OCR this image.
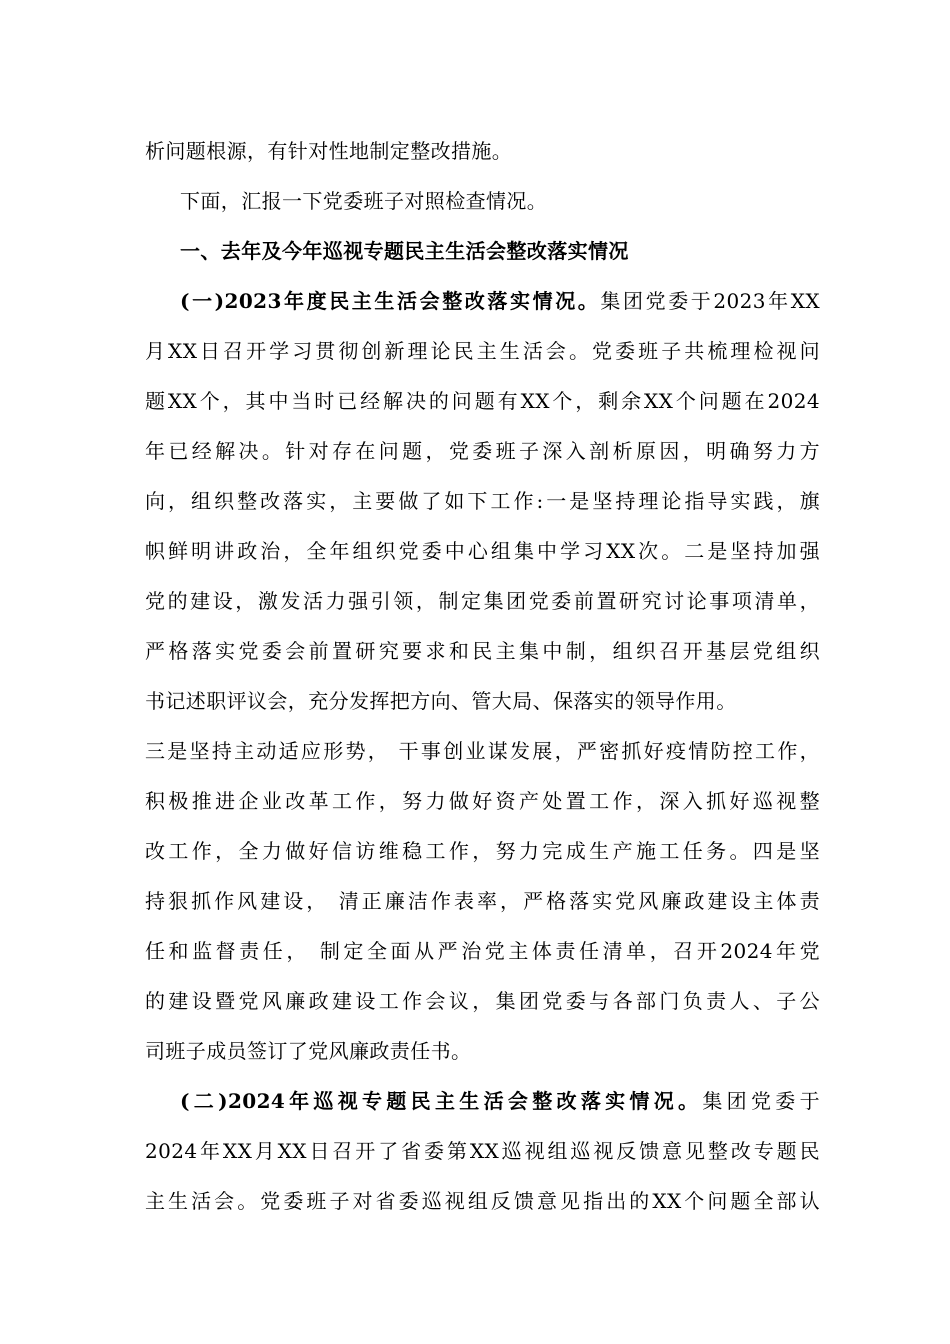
析问题根源，有针对性地制定整改措施。
下面，汇报一下党委班子对照检查情况。
一、去年及今年巡视专题民主生活会整改落实情况
(一)2023年度民主生活会整改落实情况。集团党委于2023年XX
月XX日召开学习贯彻创新理论民主生活会。党委班子共梳理检视问
题XX个，其中当时已经解决的问题有XX个，剩余XX个问题在2024
年已经解决。针对存在问题，党委班子深入剖析原因，明确努力方
向，组织整改落实，主要做了如下工作:一是坚持理论指导实践，旗
帜鲜明讲政治，全年组织党委中心组集中学习XX次。二是坚持加强
党的建设，激发活力强引领，制定集团党委前置研究讨论事项清单，
严格落实党委会前置研究要求和民主集中制，组织召开基层党组织
书记述职评议会，充分发挥把方向、管大局、保落实的领导作用。
三是坚持主动适应形势， 干事创业谋发展，严密抓好疫情防控工作，
积极推进企业改革工作，努力做好资产处置工作，深入抓好巡视整
改工作，全力做好信访维稳工作，努力完成生产施工任务。四是坚
持狠抓作风建设， 清正廉洁作表率，严格落实党风廉政建设主体责
任和监督责任， 制定全面从严治党主体责任清单，召开2024年党
的建设暨党风廉政建设工作会议，集团党委与各部门负责人、子公
司班子成员签订了党风廉政责任书。
(二)2024年巡视专题民主生活会整改落实情况。集团党委于
2024年XX月XX日召开了省委第XX巡视组巡视反馈意见整改专题民
主生活会。党委班子对省委巡视组反馈意见指出的XX个问题全部认
